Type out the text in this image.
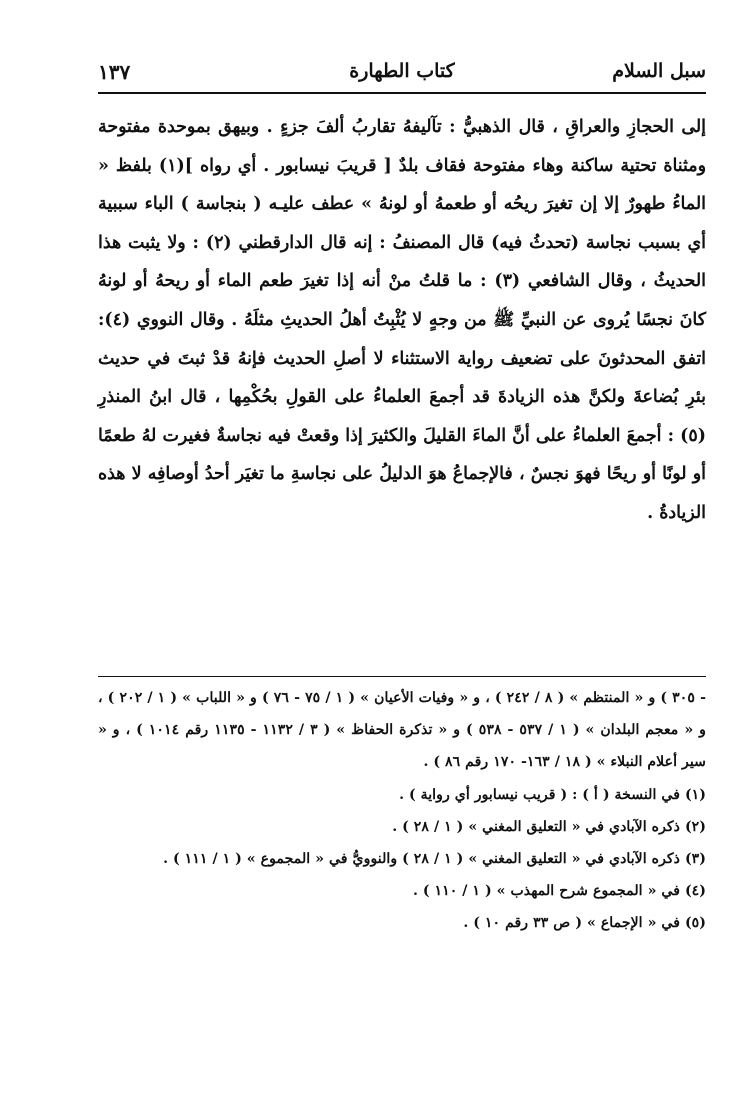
سبل السلام
كتاب الطهارة
١٣٧

إلى الحجازِ والعراقِ ، قال الذهبيُّ : تآليفهُ تقاربُ ألفَ جزءٍ . وبيهق بموحدة مفتوحة ومثناة تحتية ساكنة وهاء مفتوحة فقاف بلدٌ [ قريبَ نيسابور . أي رواه ](١) بلفظ « الماءُ طهورٌ إلا إن تغيرَ ريحُه أو طعمهُ أو لونهُ » عطف عليـه ( بنجاسة ) الباء سببية أي بسبب نجاسة (تحدثُ فيه) قال المصنفُ : إنه قال الدارقطني (٢) : ولا يثبت هذا الحديثُ ، وقال الشافعي (٣) : ما قلتُ منْ أنه إذا تغيرَ طعم الماء أو ريحهُ أو لونهُ كانَ نجسًا يُروى عن النبيِّ ﷺ من وجهٍ لا يُثْبِتُ أهلُ الحديثِ مثلَهُ . وقال النووي (٤): اتفق المحدثونَ على تضعيف رواية الاستثناء لا أصلِ الحديث فإنهُ قدْ ثبتَ في حديث بئرِ بُضاعةَ ولكنَّ هذه الزيادةَ قد أجمعَ العلماءُ على القولِ بحُكْمِها ، قال ابنُ المنذرِ (٥) : أجمعَ العلماءُ على أنَّ الماءَ القليلَ والكثيرَ إذا وقعتْ فيه نجاسةٌ فغيرت لهُ طعمًا أو لونًا أو ريحًا فهوَ نجسٌ ، فالإجماعُ هوَ الدليلُ على نجاسةِ ما تغيَر أحدُ أوصافِه لا هذه الزيادةُ .

- ٣٠٥ ) و « المنتظم » ( ٨ / ٢٤٢ ) ، و « وفيات الأعيان » ( ١ / ٧٥ - ٧٦ ) و « اللباب » ( ١ / ٢٠٢ ) ، و « معجم البلدان » ( ١ / ٥٣٧ - ٥٣٨ ) و « تذكرة الحفاظ » ( ٣ / ١١٣٢ - ١١٣٥ رقم ١٠١٤ ) ، و « سير أعلام النبلاء » ( ١٨ / ١٦٣- ١٧٠ رقم ٨٦ ) .
(١) في النسخة ( أ ) : ( قريب نيسابور أي رواية ) .
(٢) ذكره الآبادي في « التعليق المغني » ( ١ / ٢٨ ) .
(٣) ذكره الآبادي في « التعليق المغني » ( ١ / ٢٨ ) والنوويُّ في « المجموع » ( ١ / ١١١ ) .
(٤) في « المجموع شرح المهذب » ( ١ / ١١٠ ) .
(٥) في « الإجماع » ( ص ٣٣ رقم ١٠ ) .
